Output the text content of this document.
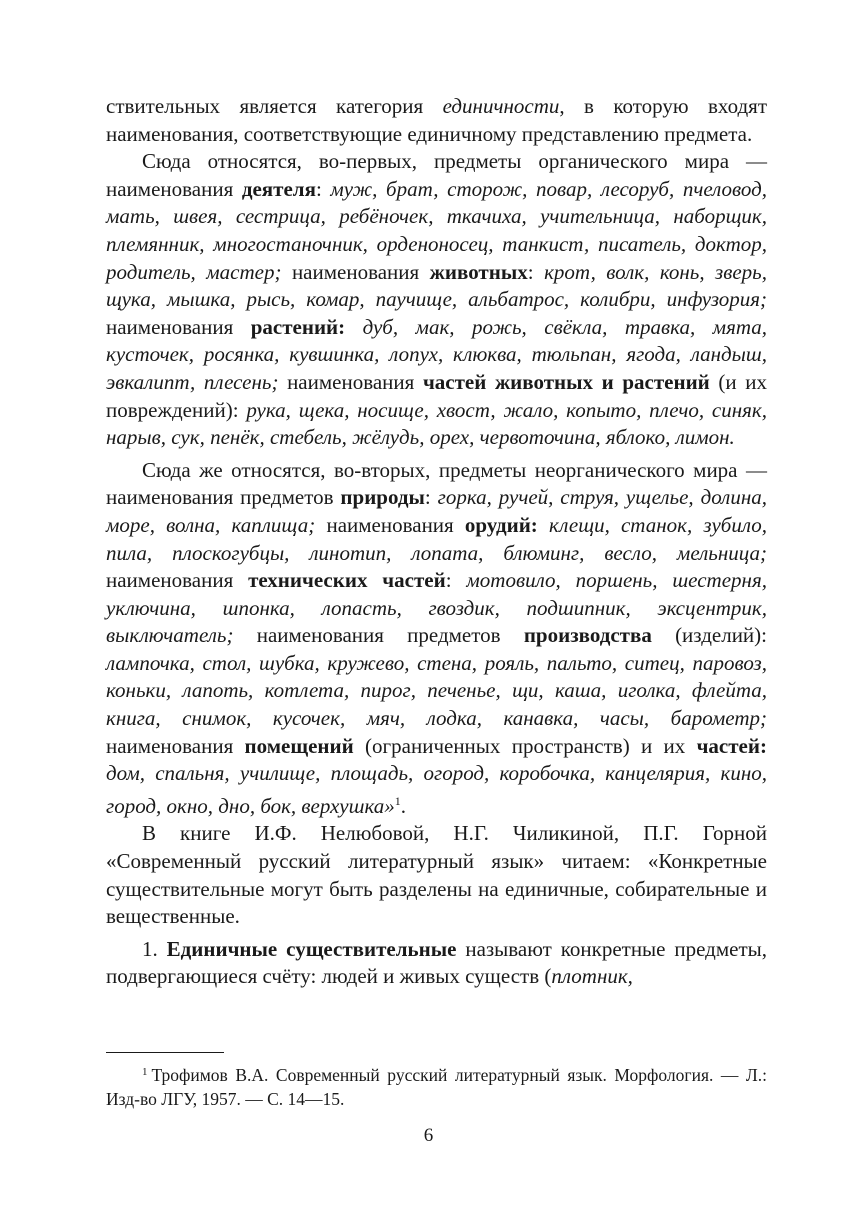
ствительных является категория единичности, в которую входят наименования, соответствующие единичному представлению предмета.

Сюда относятся, во-первых, предметы органического мира — наименования деятеля: муж, брат, сторож, повар, лесоруб, пчеловод, мать, швея, сестрица, ребёночек, ткачиха, учительница, наборщик, племянник, многостаночник, орденоносец, танкист, писатель, доктор, родитель, мастер; наименования животных: крот, волк, конь, зверь, щука, мышка, рысь, комар, паучище, альбатрос, колибри, инфузория; наименования растений: дуб, мак, рожь, свёкла, травка, мята, кусточек, росянка, кувшинка, лопух, клюква, тюльпан, ягода, ландыш, эвкалипт, плесень; наименования частей животных и растений (и их повреждений): рука, щека, носище, хвост, жало, копыто, плечо, синяк, нарыв, сук, пенёк, стебель, жёлудь, орех, червоточина, яблоко, лимон.

Сюда же относятся, во-вторых, предметы неорганического мира — наименования предметов природы: горка, ручей, струя, ущелье, долина, море, волна, каплища; наименования орудий: клещи, станок, зубило, пила, плоскогубцы, линотип, лопата, блюминг, весло, мельница; наименования технических частей: мотовило, поршень, шестерня, уключина, шпонка, лопасть, гвоздик, подшипник, эксцентрик, выключатель; наименования предметов производства (изделий): лампочка, стол, шубка, кружево, стена, рояль, пальто, ситец, паровоз, коньки, лапоть, котлета, пирог, печенье, щи, каша, иголка, флейта, книга, снимок, кусочек, мяч, лодка, канавка, часы, барометр; наименования помещений (ограниченных пространств) и их частей: дом, спальня, училище, площадь, огород, коробочка, канцелярия, кино, город, окно, дно, бок, верхушка»$^1$.

В книге И.Ф. Нелюбовой, Н.Г. Чиликиной, П.Г. Горной «Современный русский литературный язык» читаем: «Конкретные существительные могут быть разделены на единичные, собирательные и вещественные.

1. Единичные существительные называют конкретные предметы, подвергающиеся счёту: людей и живых существ (плотник,

$^1$ Трофимов В.А. Современный русский литературный язык. Морфология. — Л.: Изд-во ЛГУ, 1957. — С. 14—15.
6
